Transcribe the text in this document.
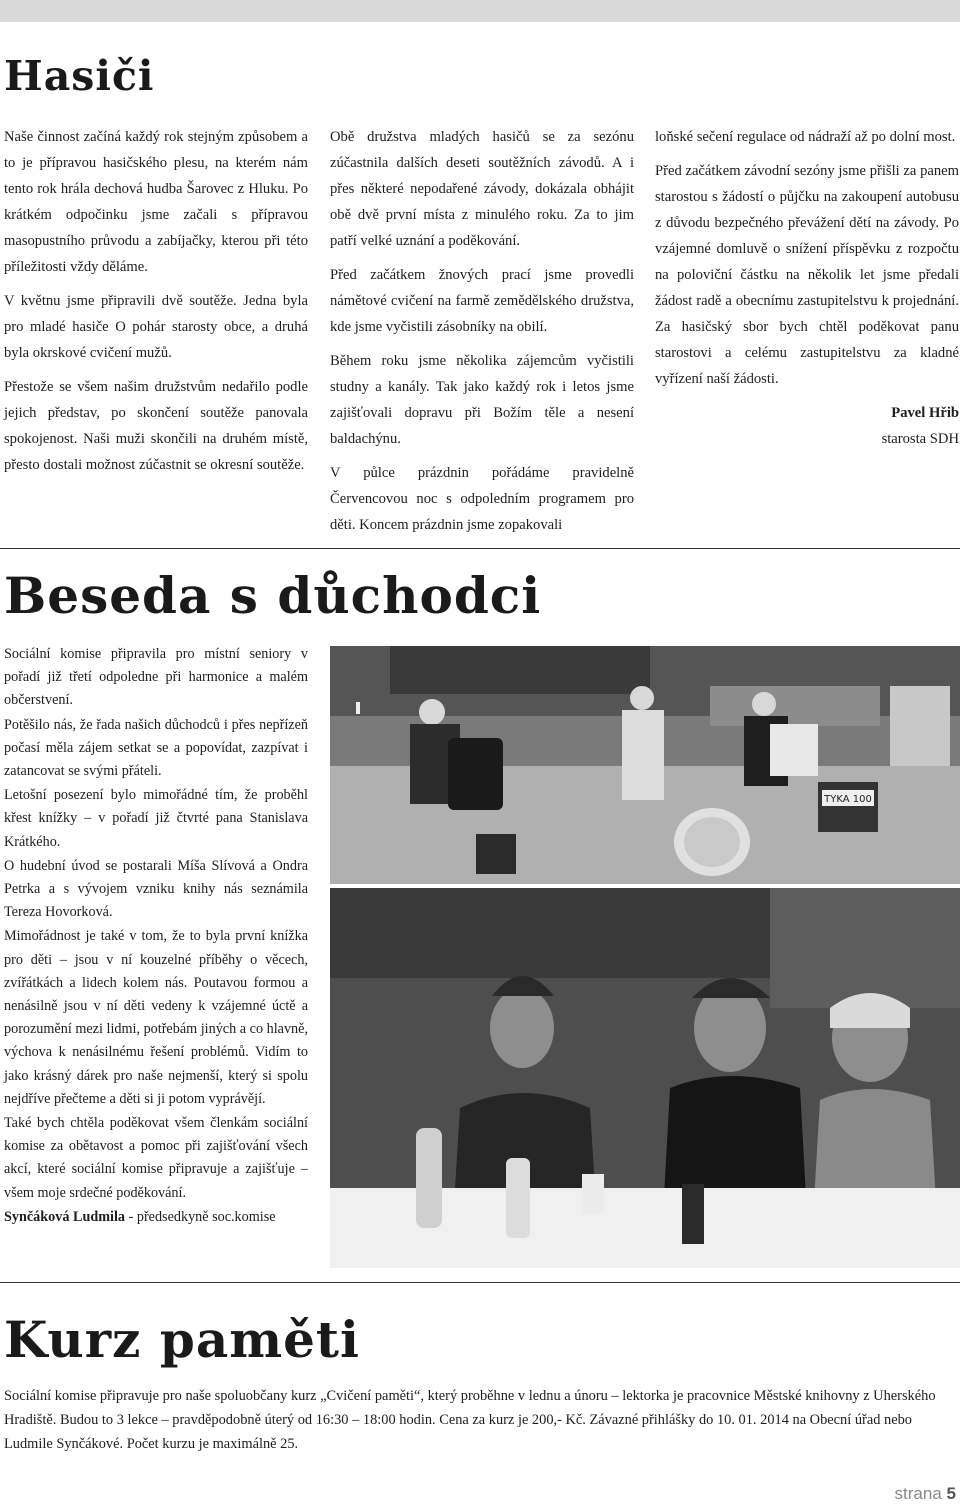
Hasiči

Naše činnost začíná každý rok stejným způsobem a to je přípravou hasičského plesu, na kterém nám tento rok hrála dechová hudba Šarovec z Hluku. Po krátkém odpočinku jsme začali s přípravou masopustního průvodu a zabíjačky, kterou při této příležitosti vždy děláme.

V květnu jsme připravili dvě soutěže. Jedna byla pro mladé hasiče O pohár starosty obce, a druhá byla okrskové cvičení mužů.

Přestože se všem našim družstvům nedařilo podle jejich představ, po skončení soutěže panovala spokojenost. Naši muži skončili na druhém místě, přesto dostali možnost zúčastnit se okresní soutěže.

Obě družstva mladých hasičů se za sezónu zúčastnila dalších deseti soutěžních závodů. A i přes některé nepodařené závody, dokázala obhájit obě dvě první místa z minulého roku. Za to jim patří velké uznání a poděkování.

Před začátkem žnových prací jsme provedli námětové cvičení na farmě zemědělského družstva, kde jsme vyčistili zásobníky na obilí.

Během roku jsme několika zájemcům vyčistili studny a kanály. Tak jako každý rok i letos jsme zajišťovali dopravu při Božím těle a nesení baldachýnu.

V půlce prázdnin pořádáme pravidelně Červencovou noc s odpoledním programem pro děti. Koncem prázdnin jsme zopakovali

loňské sečení regulace od nádraží až po dolní most.

Před začátkem závodní sezóny jsme přišli za panem starostou s žádostí o půjčku na zakoupení autobusu z důvodu bezpečného převážení dětí na závody. Po vzájemné domluvě o snížení příspěvku z rozpočtu na poloviční částku na několik let jsme předali žádost radě a obecnímu zastupitelstvu k projednání. Za hasičský sbor bych chtěl poděkovat panu starostovi a celému zastupitelstvu za kladné vyřízení naší žádosti.

Pavel Hřib

starosta SDH

Beseda s důchodci

Sociální komise připravila pro místní seniory v pořadí již třetí odpoledne při harmonice a malém občerstvení.

Potěšilo nás, že řada našich důchodců i přes nepřízeň počasí měla zájem setkat se a popovídat, zazpívat i zatancovat se svými přáteli.

Letošní posezení bylo mimořádné tím, že proběhl křest knížky – v pořadí již čtvrté pana Stanislava Krátkého.

O hudební úvod se postarali Míša Slívová a Ondra Petrka a s vývojem vzniku knihy nás seznámila Tereza Hovorková.

Mimořádnost je také v tom, že to byla první knížka pro děti – jsou v ní kouzelné příběhy o věcech, zvířátkách a lidech kolem nás. Poutavou formou a nenásilně jsou v ní děti vedeny k vzájemné úctě a porozumění mezi lidmi, potřebám jiných a co hlavně, výchova k nenásilnému řešení problémů. Vidím to jako krásný dárek pro naše nejmenší, který si spolu nejdříve přečteme a děti si ji potom vyprávějí.

Také bych chtěla poděkovat všem členkám sociální komise za obětavost a pomoc při zajišťování všech akcí, které sociální komise připravuje a zajišťuje – všem moje srdečné poděkování.

Synčáková Ludmila - předsedkyně soc.komise

TYKA 100
Kurz paměti

Sociální komise připravuje pro naše spoluobčany kurz „Cvičení paměti“, který proběhne v lednu a únoru – lektorka je pracovnice Městské knihovny z Uherského Hradiště. Budou to 3 lekce – pravděpodobně úterý od 16:30 – 18:00 hodin. Cena za kurz je 200,- Kč. Závazné přihlášky do 10. 01. 2014 na Obecní úřad nebo Ludmile Synčákové. Počet kurzu je maximálně 25.

strana 5
